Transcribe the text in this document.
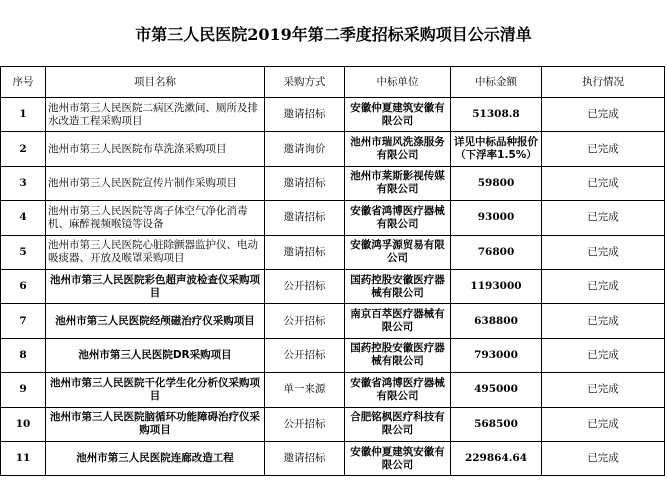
市第三人民医院2019年第二季度招标采购项目公示清单
序号	项目名称	采购方式	中标单位	中标金额	执行情况
1	池州市第三人民医院二病区洗漱间、厕所及排水改造工程采购项目	邀请招标	安徽仲夏建筑安徽有限公司	51308.8	已完成
2	池州市第三人民医院布草洗涤采购项目	邀请询价	池州市瑞风洗涤服务有限公司	详见中标品种报价（下浮率1.5%）	已完成
3	池州市第三人民医院宣传片制作采购项目	邀请招标	池州市莱斯影视传媒有限公司	59800	已完成
4	池州市第三人民医院等离子体空气净化消毒机、麻醉视频喉镜等设备	邀请招标	安徽省鸿博医疗器械有限公司	93000	已完成
5	池州市第三人民医院心脏除颤器监护仪、电动吸痰器、开放及喉罩采购项目	邀请招标	安徽鸿孚源贸易有限公司	76800	已完成
6	池州市第三人民医院彩色超声波检查仪采购项目	公开招标	国药控股安徽医疗器械有限公司	1193000	已完成
7	池州市第三人民医院经颅磁治疗仪采购项目	公开招标	南京百萃医疗器械有限公司	638800	已完成
8	池州市第三人民医院DR采购项目	公开招标	国药控股安徽医疗器械有限公司	793000	已完成
9	池州市第三人民医院干化学生化分析仪采购项目	单一来源	安徽省鸿博医疗器械有限公司	495000	已完成
10	池州市第三人民医院脑循环功能障碍治疗仪采购项目	公开招标	合肥铭枫医疗科技有限公司	568500	已完成
11	池州市第三人民医院连廊改造工程	邀请招标	安徽仲夏建筑安徽有限公司	229864.64	已完成
